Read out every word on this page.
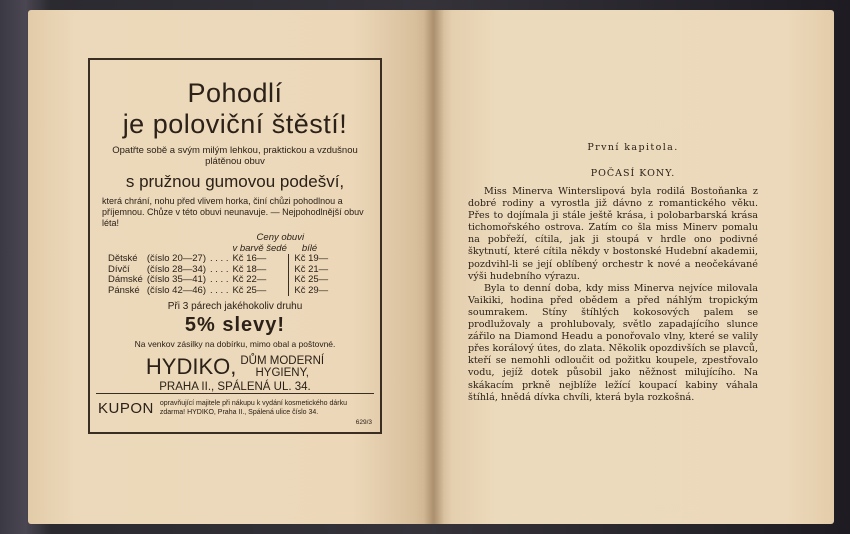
Pohodlí
je poloviční štěstí!
Opatřte sobě a svým milým lehkou, praktickou a vzdušnou plátěnou obuv
s pružnou gumovou podešví,
která chrání, nohu před vlivem horka, činí chůzi pohodlnou a příjemnou. Chůze v této obuvi neunavuje. — Nejpohodlnější obuv léta!
			Ceny obuvi	
			v barvě šedé	bílé
Dětské	(číslo 20—27)	. . . .	Kč 16—	Kč 19—
Dívčí	(číslo 28—34)	. . . .	Kč 18—	Kč 21—
Dámské	(číslo 35—41)	. . . .	Kč 22—	Kč 25—
Pánské	(číslo 42—46)	. . . .	Kč 25—	Kč 29—
Při 3 párech jakéhokoliv druhu
5% slevy!
Na venkov zásilky na dobírku, mimo obal a poštovné.
HYDIKO, DŮM MODERNÍ
HYGIENY,
PRAHA II., SPÁLENÁ UL. 34.
KUPON opravňující majitele při nákupu k vydání kosmetického dárku zdarma! HYDIKO, Praha II., Spálená ulice číslo 34.
629/3
První kapitola.
POČASÍ KONY.

Miss Minerva Winterslipová byla rodilá Bostoňanka z dobré rodiny a vyrostla již dávno z romantického věku. Přes to dojímala ji stále ještě krása, i polobarbarská krása tichomořského ostrova. Zatím co šla miss Minerv pomalu na pobřeží, cítila, jak ji stoupá v hrdle ono podivné škytnutí, které cítila někdy v bostonské Hudební akademii, pozdvihl-li se její oblíbený orchestr k nové a neočekávané výši hudebního výrazu.

Byla to denní doba, kdy miss Minerva nejvíce milovala Vaikiki, hodina před obědem a před náhlým tropickým soumrakem. Stíny štíhlých kokosových palem se prodlužovaly a prohlubovaly, světlo zapadajícího slunce zářilo na Diamond Headu a ponořovalo vlny, které se valily přes korálový útes, do zlata. Několik opozdivších se plavců, kteří se nemohli odloučit od požitku koupele, zpestřovalo vodu, jejíž dotek působil jako něžnost milujícího. Na skákacím prkně nejblíže ležící koupací kabiny váhala štíhlá, hnědá dívka chvíli, která byla rozkošná.
